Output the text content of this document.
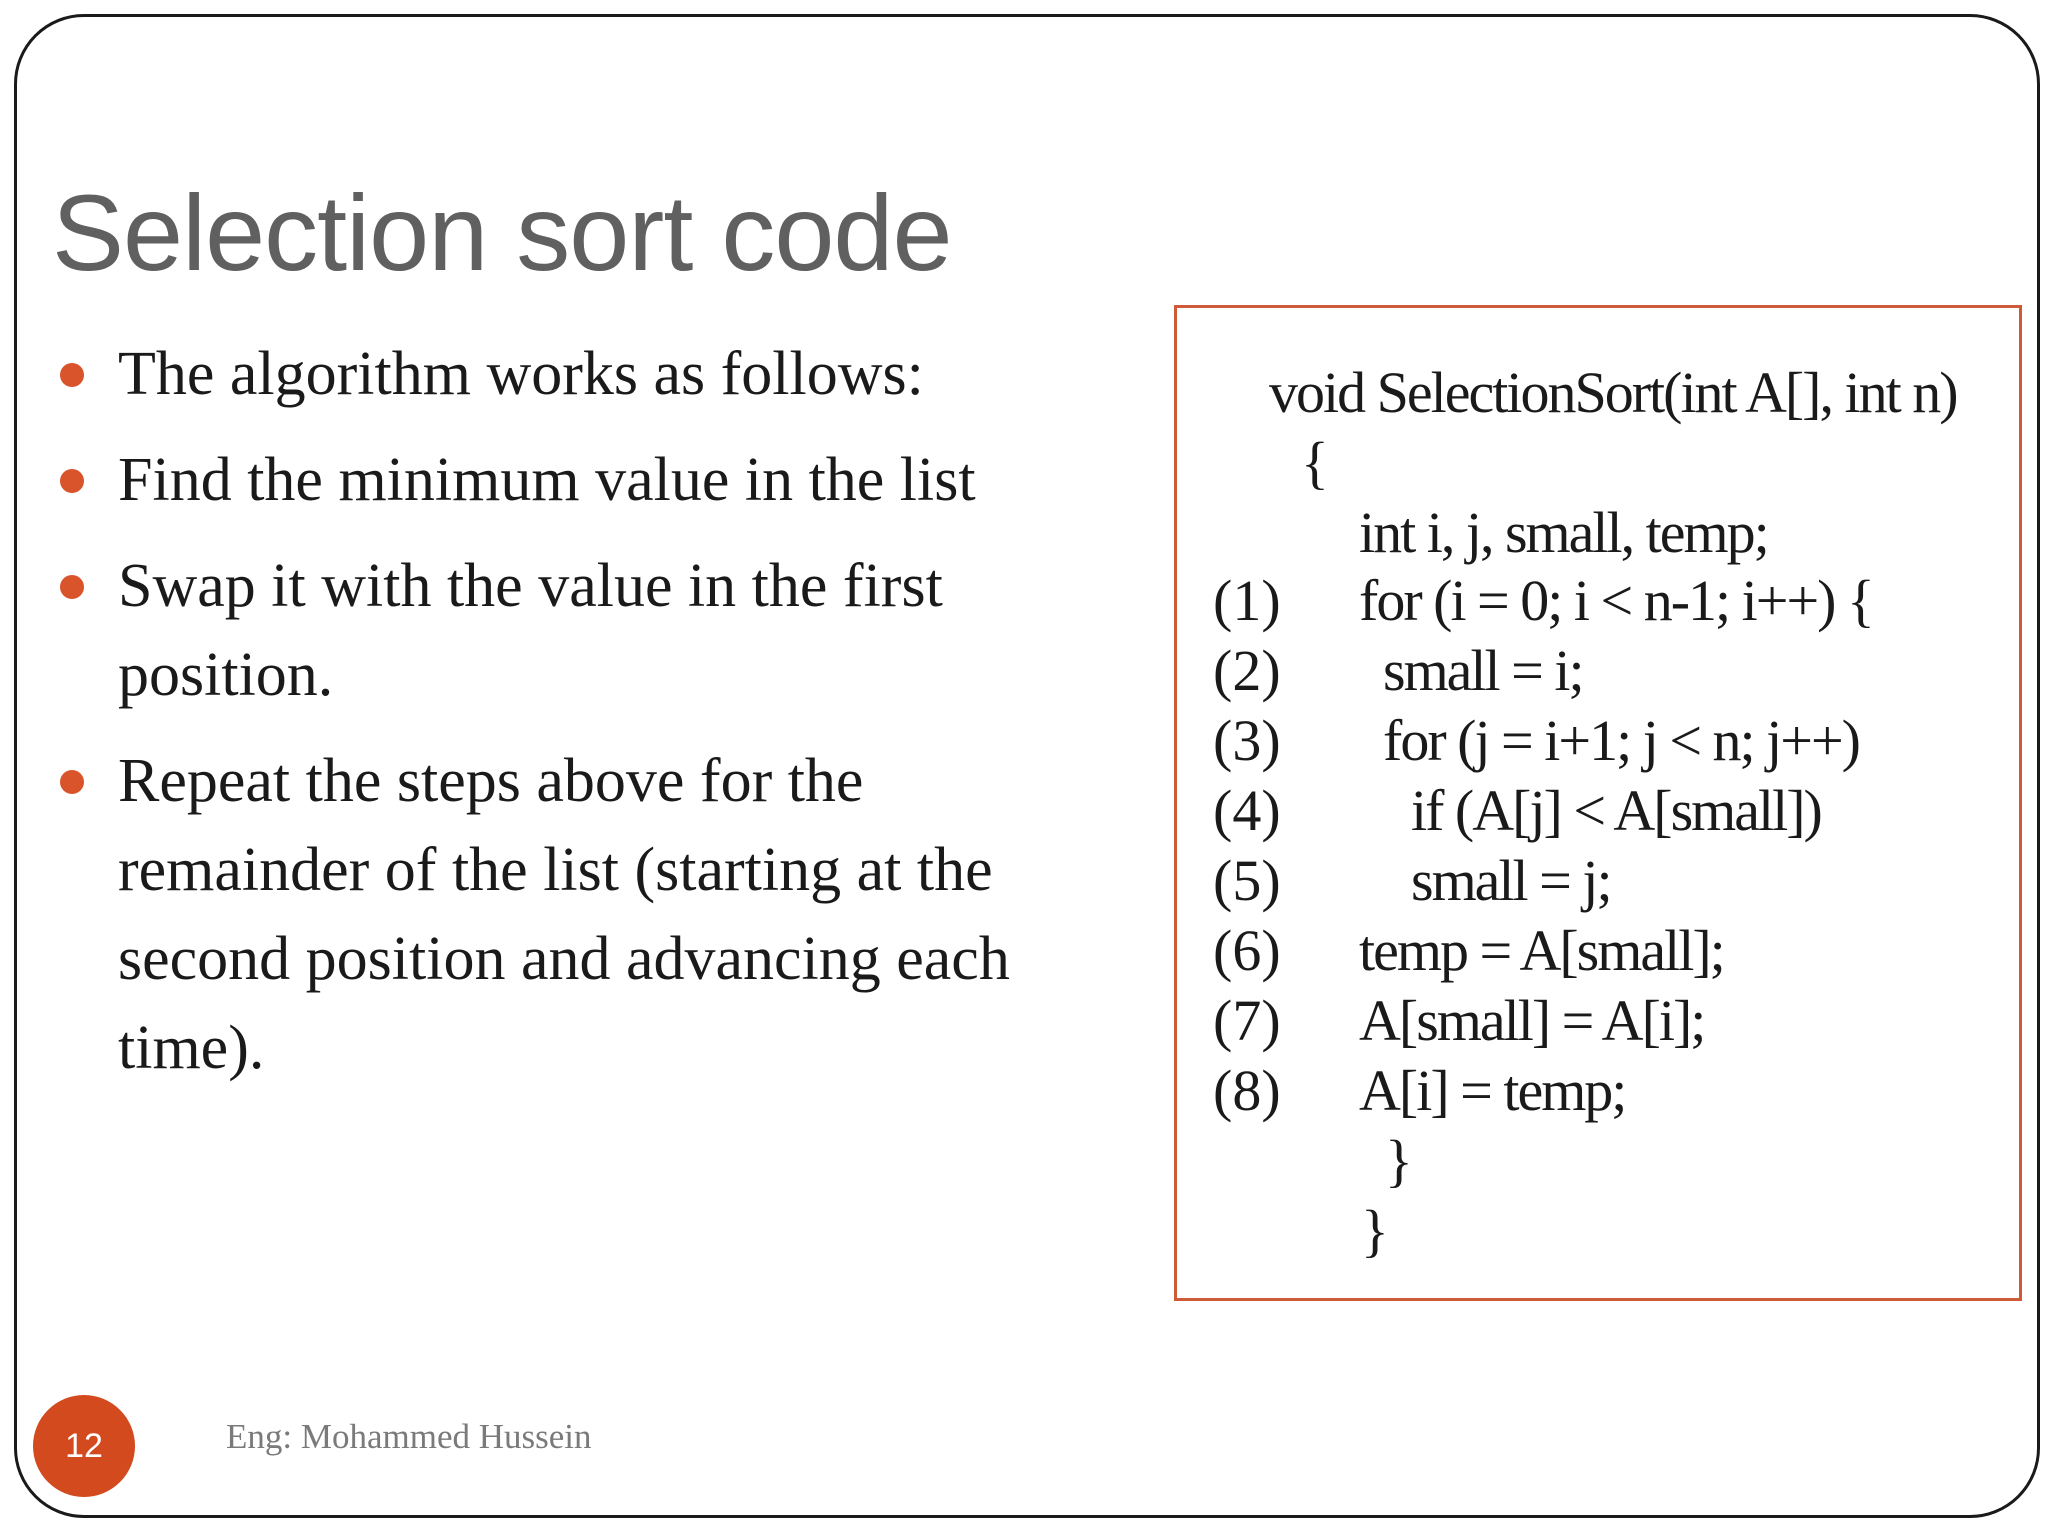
Selection sort code
The algorithm works as follows:
Find the minimum value in the list
Swap it with the value in the first position.
Repeat the steps above for the remainder of the list (starting at the second position and advancing each time).
void SelectionSort(int A[], int n)
{
int i, j, small, temp;
(1) for (i = 0; i < n-1; i++) {
(2) small = i;
(3) for (j = i+1; j < n; j++)
(4) if (A[j] < A[small])
(5) small = j;
(6) temp = A[small];
(7) A[small] = A[i];
(8) A[i] = temp;
}
}
12	Eng: Mohammed Hussein
